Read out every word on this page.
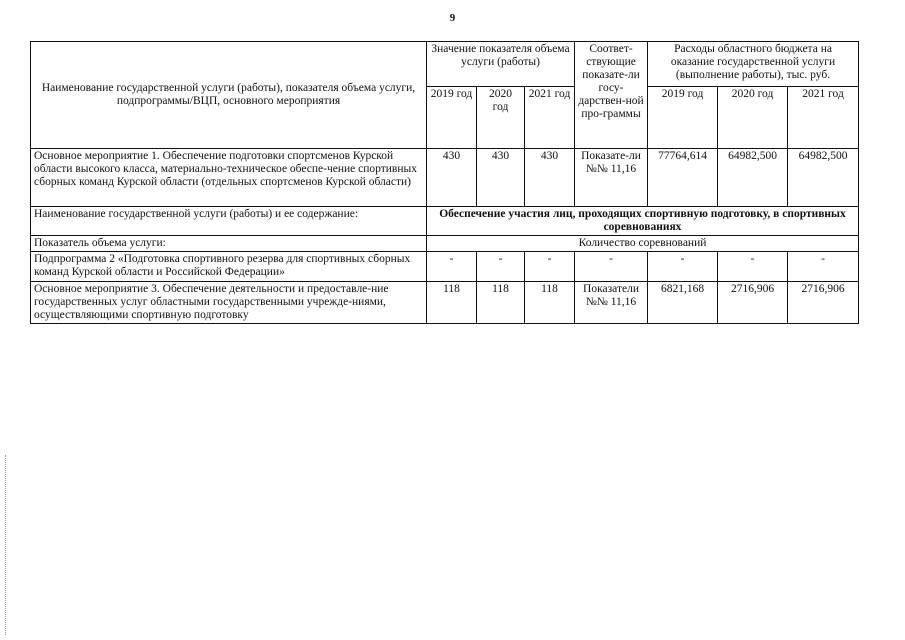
9
Наименование государственной услуги (работы), показателя объема услуги, подпрограммы/ВЦП, основного мероприятия	Значение показателя объема услуги (работы)			Соответ-ствующие показате-ли госу-дарствен-ной про-граммы	Расходы областного бюджета на оказание государственной услуги (выполнение работы), тыс. руб.		
	2019 год	2020 год	2021 год		2019 год	2020 год	2021 год
Основное мероприятие 1. Обеспечение подготовки спортсменов Курской области высокого класса, материально-техническое обеспе-чение спортивных сборных команд Курской области (отдельных спортсменов Курской области)	430	430	430	Показате-ли №№ 11,16	77764,614	64982,500	64982,500
Наименование государственной услуги (работы) и ее содержание:	Обеспечение участия лиц, проходящих спортивную подготовку, в спортивных соревнованиях						
Показатель объема услуги:	Количество соревнований						
Подпрограмма 2 «Подготовка спортивного резерва для спортивных сборных команд Курской области и Российской Федерации»	-	-	-	-	-	-	-
Основное мероприятие 3. Обеспечение деятельности и предоставле-ние государственных услуг областными государственными учрежде-ниями, осуществляющими спортивную подготовку	118	118	118	Показатели №№ 11,16	6821,168	2716,906	2716,906
